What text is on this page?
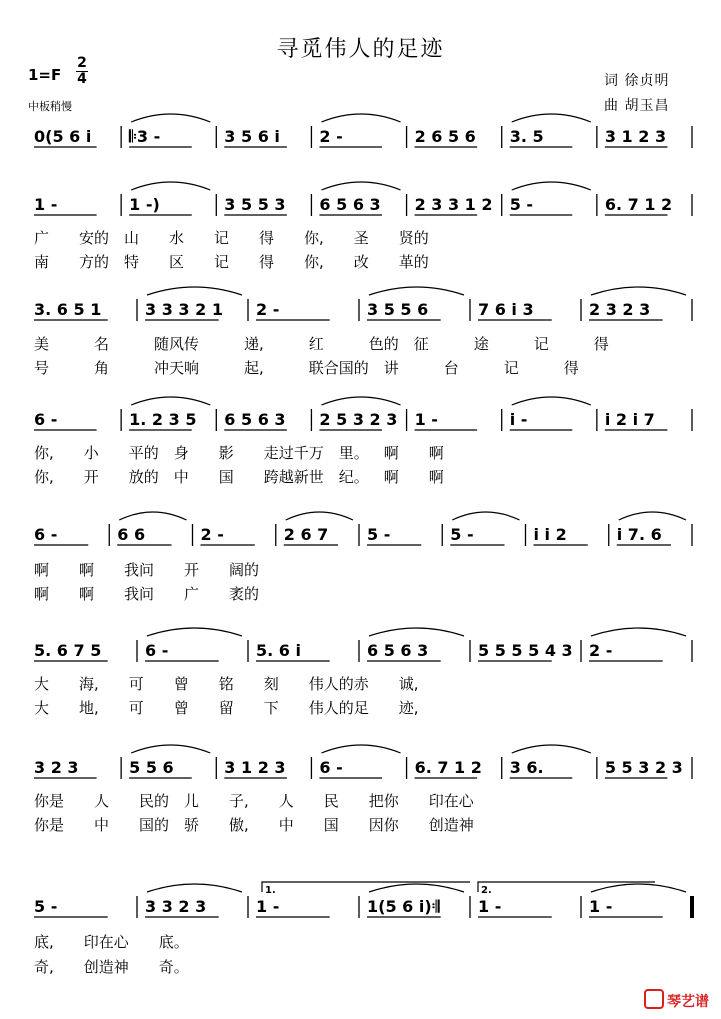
寻觅伟人的足迹
1=F
2
4
中板稍慢
词 徐贞明
曲 胡玉昌
0(5 6 i 𝄆3 -	3 5 6 i 2 -	2 6 5 6 3. 5	3 1 2 3
1 -	1 -)	3 5 5 3 6 5 6 3 2 3 3 1 2 5 -	6. 7 1 2
广  安的 山  水  记  得  你,  圣  贤的
南  方的 特  区  记  得  你,  改  革的
3. 6 5 1	3 3 3 2 1 2 -	3 5 5 6	7 6 i 3	2 3 2 3
美   名   随风传   递,   红   色的 征   途   记   得
号   角   冲天响   起,   联合国的 讲   台   记   得
6 -	1. 2 3 5 6 5 6 3 2 5 3 2 3 1 -	i -	i 2 i 7
你,  小  平的 身  影  走过千万 里。 啊  啊
你,  开  放的 中  国  跨越新世 纪。 啊  啊
6 -	6 6	2 -	2 6 7 5 -	5 -	i i 2	i 7. 6
啊  啊  我问  开  阔的
啊  啊  我问  广  袤的
5. 6 7 5	6 -	5. 6 i	6 5 6 3	5 5 5 5 4 3 2 -
大  海,  可  曾  铭  刻  伟人的赤  诚,
大  地,  可  曾  留  下  伟人的足  迹,
3 2 3	5 5 6	3 1 2 3 6 -	6. 7 1 2 3 6.	5 5 3 2 3
你是  人  民的 儿  子,  人  民  把你  印在心
你是  中  国的 骄  傲,  中  国  因你  创造神
5 -	3 3 2 3	1 -	1(5 6 i)𝄇 1 -	1 -
底,  印在心  底。
奇,  创造神  奇。
1.	2.
琴艺谱
